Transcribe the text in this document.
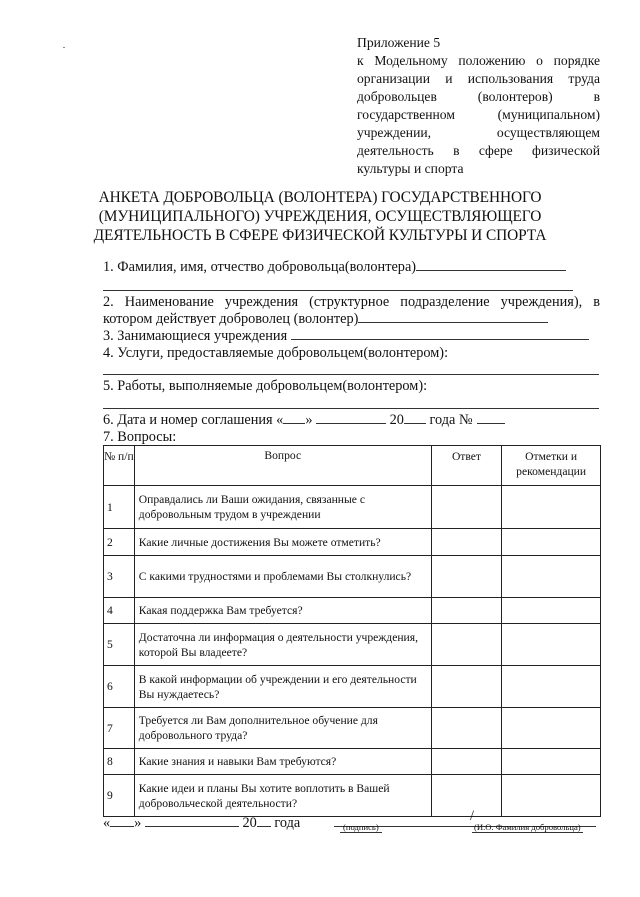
Приложение 5
к Модельному положению о порядке организации и использования труда добровольцев (волонтеров) в государственном (муниципальном) учреждении, осуществляющем деятельность в сфере физической культуры и спорта
АНКЕТА ДОБРОВОЛЬЦА (ВОЛОНТЕРА) ГОСУДАРСТВЕННОГО (МУНИЦИПАЛЬНОГО) УЧРЕЖДЕНИЯ, ОСУЩЕСТВЛЯЮЩЕГО ДЕЯТЕЛЬНОСТЬ В СФЕРЕ ФИЗИЧЕСКОЙ КУЛЬТУРЫ И СПОРТА
1. Фамилия, имя, отчество добровольца(волонтера)
2. Наименование учреждения (структурное подразделение учреждения), в
котором действует доброволец (волонтер)
3. Занимающиеся учреждения
4. Услуги, предоставляемые добровольцем(волонтером):
5. Работы, выполняемые добровольцем(волонтером):
6. Дата и номер соглашения « »	20 года №
7. Вопросы:
№ п/п	Вопрос	Ответ	Отметки и рекомендации
1	Оправдались ли Ваши ожидания, связанные с добровольным трудом в учреждении		
2	Какие личные достижения Вы можете отметить?		
3	С какими трудностями и проблемами Вы столкнулись?		
4	Какая поддержка Вам требуется?		
5	Достаточна ли информация о деятельности учреждения, которой Вы владеете?		
6	В какой информации об учреждении и его деятельности Вы нуждаетесь?		
7	Требуется ли Вам дополнительное обучение для добровольного труда?		
8	Какие знания и навыки Вам требуются?		
9	Какие идеи и планы Вы хотите воплотить в Вашей добровольческой деятельности?		
« »	20 года	/
(подпись)	(И.О. Фамилия добровольца)
